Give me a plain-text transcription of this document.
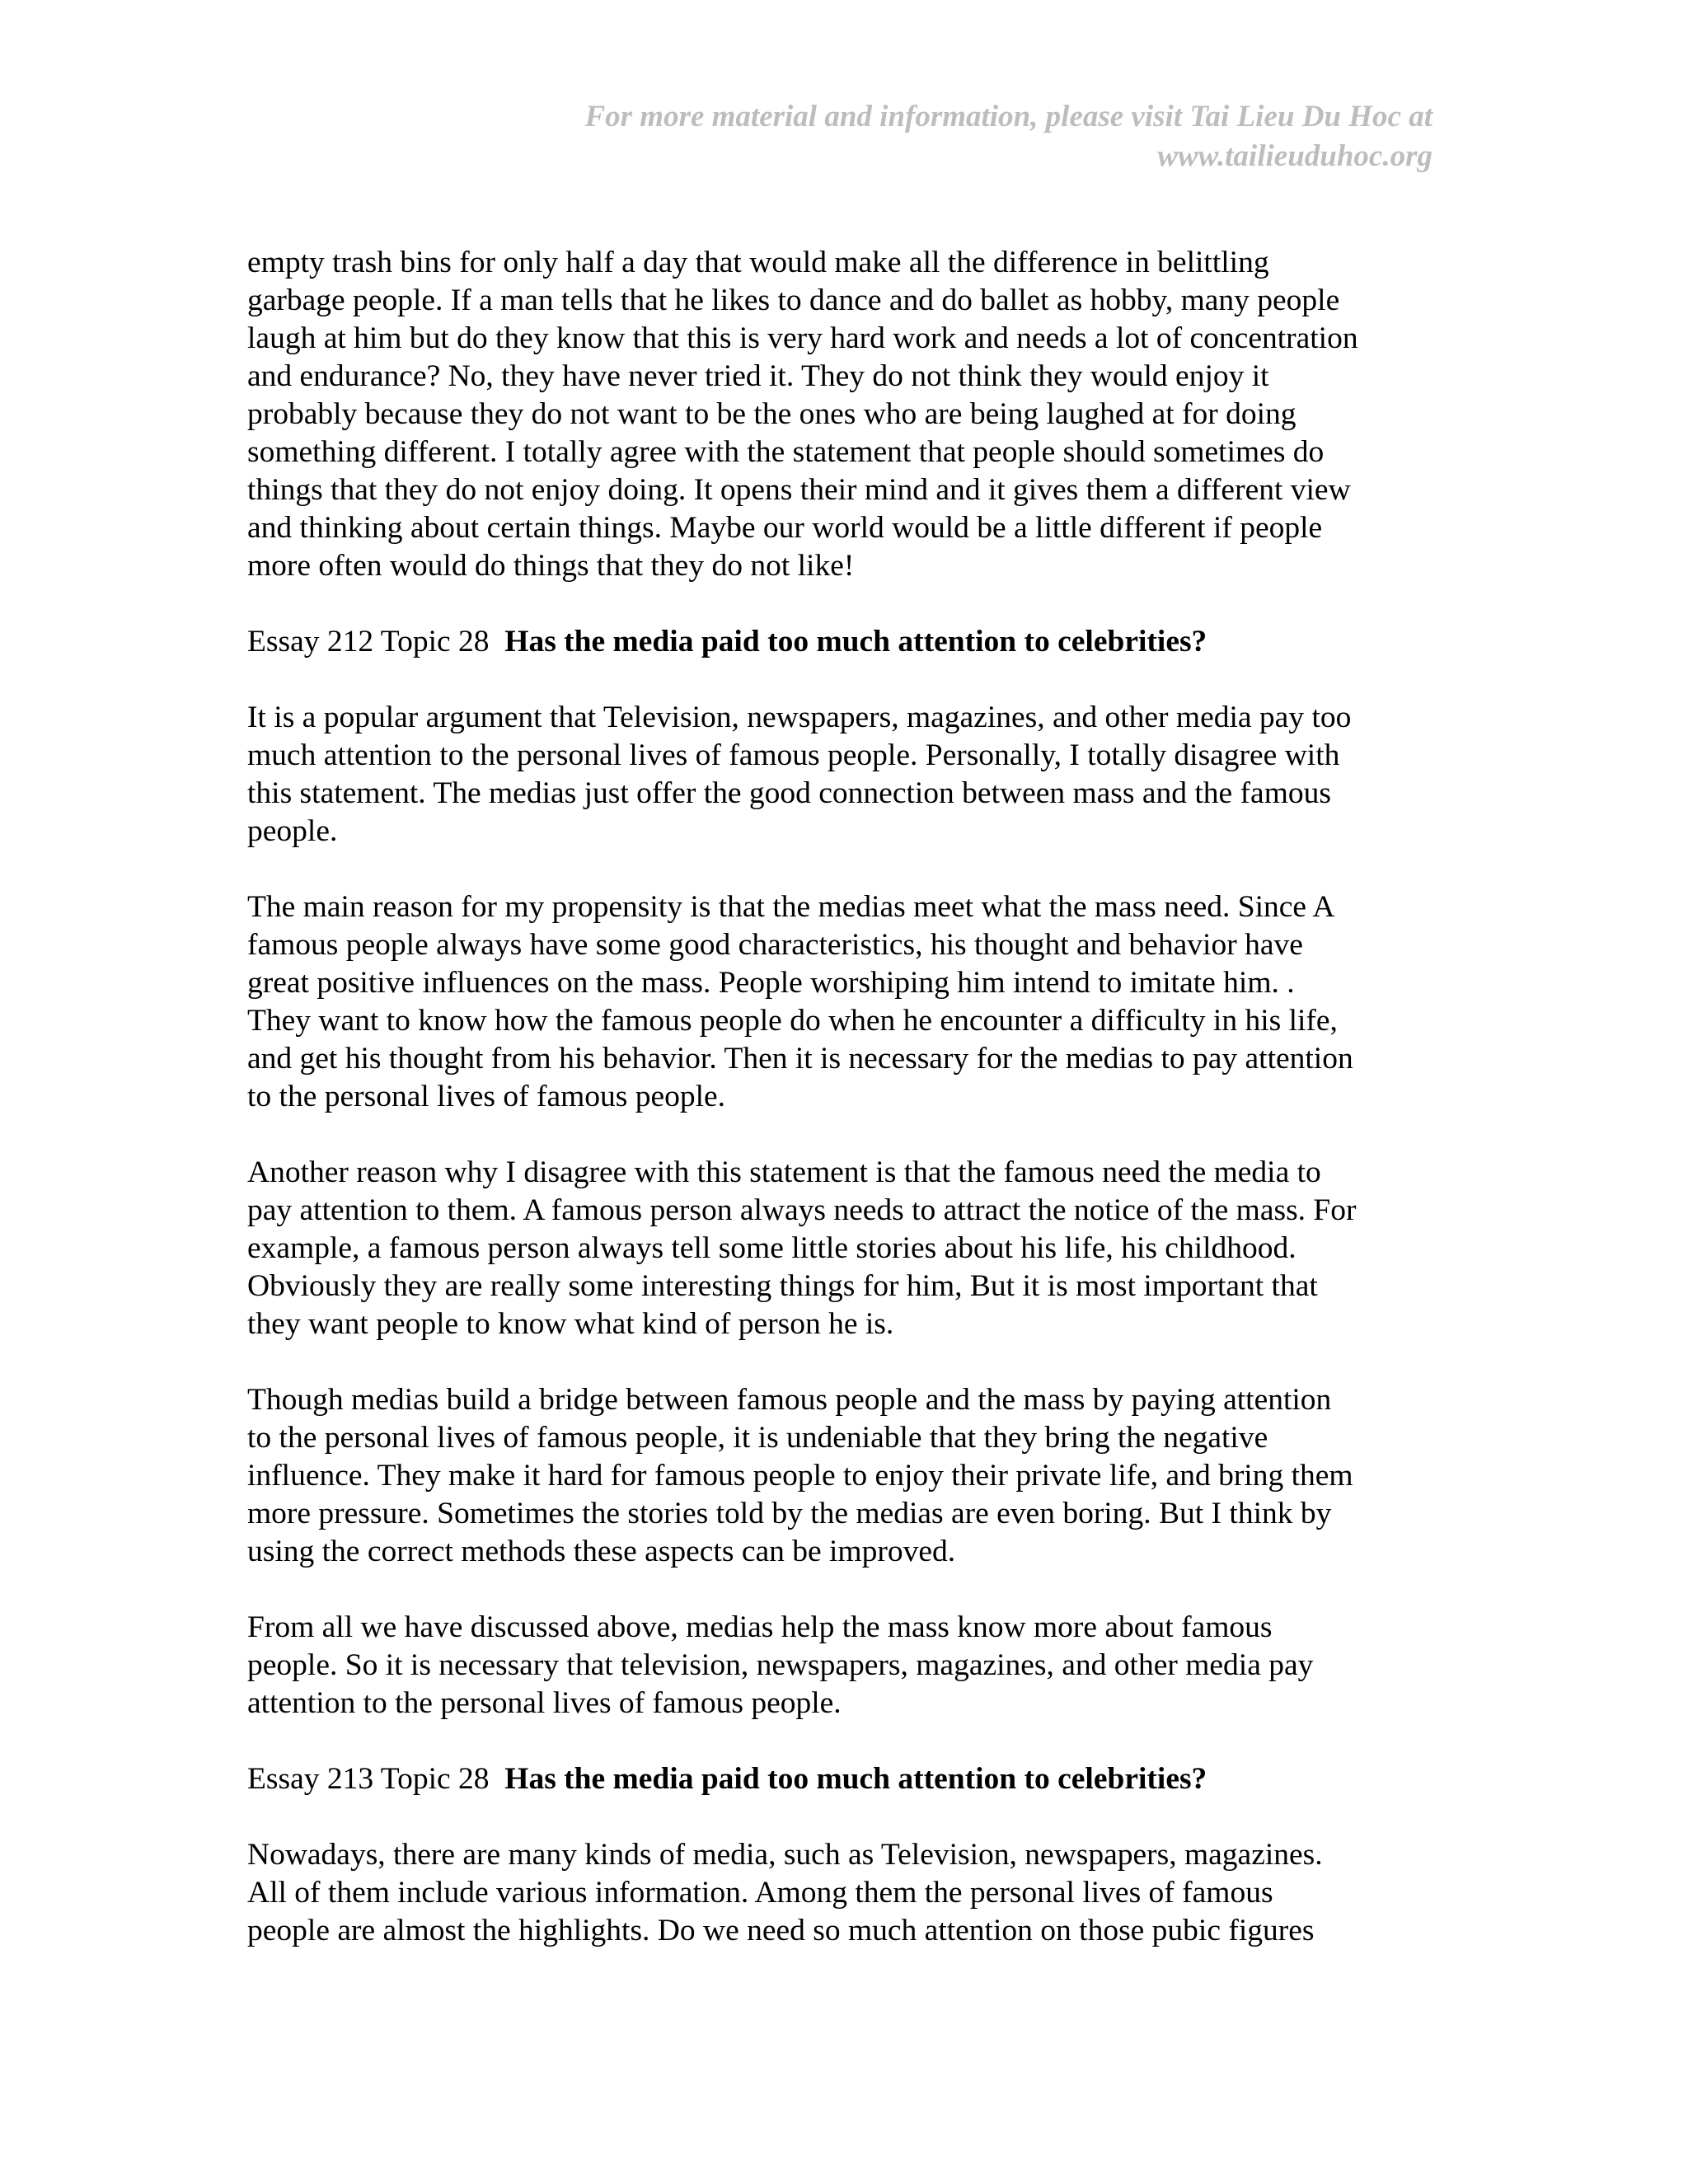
For more material and information, please visit Tai Lieu Du Hoc at
www.tailieuduhoc.org

empty trash bins for only half a day that would make all the difference in belittling
garbage people. If a man tells that he likes to dance and do ballet as hobby, many people
laugh at him but do they know that this is very hard work and needs a lot of concentration
and endurance? No, they have never tried it. They do not think they would enjoy it
probably because they do not want to be the ones who are being laughed at for doing
something different. I totally agree with the statement that people should sometimes do
things that they do not enjoy doing. It opens their mind and it gives them a different view
and thinking about certain things. Maybe our world would be a little different if people
more often would do things that they do not like!

Essay 212 Topic 28 Has the media paid too much attention to celebrities?

It is a popular argument that Television, newspapers, magazines, and other media pay too
much attention to the personal lives of famous people. Personally, I totally disagree with
this statement. The medias just offer the good connection between mass and the famous
people.

The main reason for my propensity is that the medias meet what the mass need. Since A
famous people always have some good characteristics, his thought and behavior have
great positive influences on the mass. People worshiping him intend to imitate him. .
They want to know how the famous people do when he encounter a difficulty in his life,
and get his thought from his behavior. Then it is necessary for the medias to pay attention
to the personal lives of famous people.

Another reason why I disagree with this statement is that the famous need the media to
pay attention to them. A famous person always needs to attract the notice of the mass. For
example, a famous person always tell some little stories about his life, his childhood.
Obviously they are really some interesting things for him, But it is most important that
they want people to know what kind of person he is.

Though medias build a bridge between famous people and the mass by paying attention
to the personal lives of famous people, it is undeniable that they bring the negative
influence. They make it hard for famous people to enjoy their private life, and bring them
more pressure. Sometimes the stories told by the medias are even boring. But I think by
using the correct methods these aspects can be improved.

From all we have discussed above, medias help the mass know more about famous
people. So it is necessary that television, newspapers, magazines, and other media pay
attention to the personal lives of famous people.

Essay 213 Topic 28 Has the media paid too much attention to celebrities?

Nowadays, there are many kinds of media, such as Television, newspapers, magazines.
All of them include various information. Among them the personal lives of famous
people are almost the highlights. Do we need so much attention on those pubic figures
